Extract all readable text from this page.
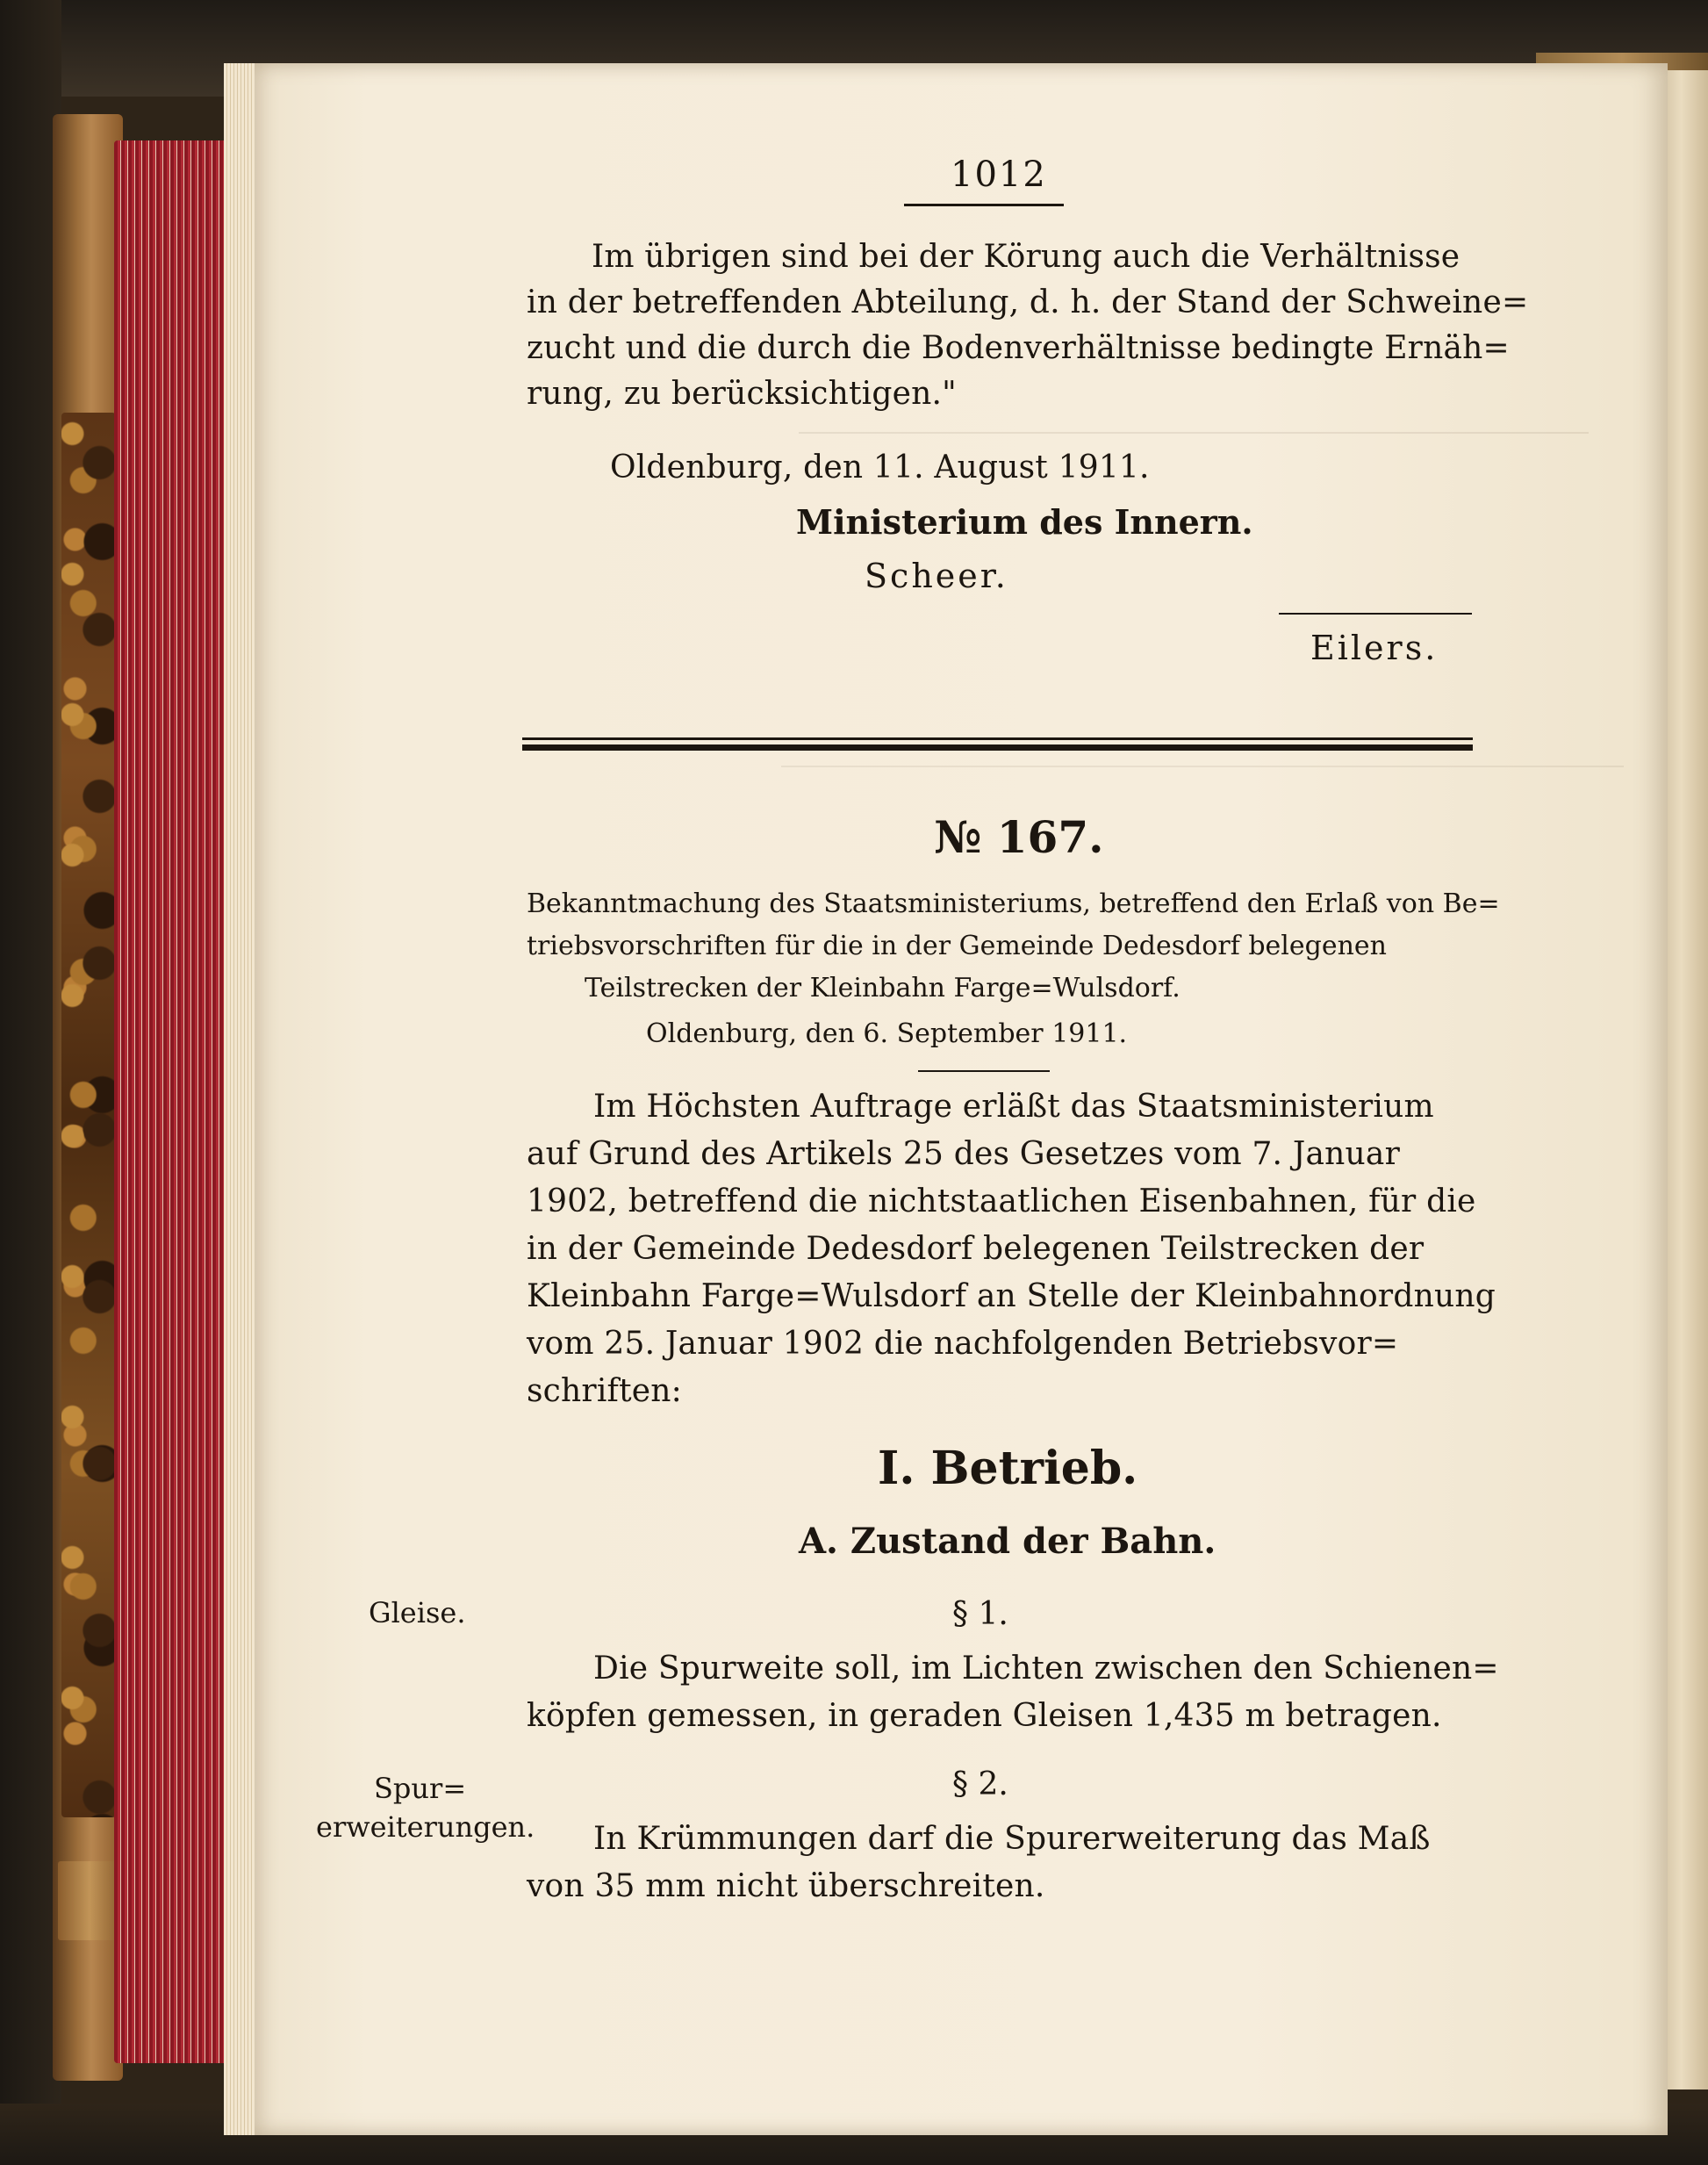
1012
Im übrigen sind bei der Körung auch die Verhältnisse
in der betreffenden Abteilung, d. h. der Stand der Schweine=
zucht und die durch die Bodenverhältnisse bedingte Ernäh=
rung, zu berücksichtigen."
Oldenburg, den 11. August 1911.
Ministerium des Innern.
Scheer.
Eilers.
№ 167.
Bekanntmachung des Staatsministeriums, betreffend den Erlaß von Be=
triebsvorschriften für die in der Gemeinde Dedesdorf belegenen
Teilstrecken der Kleinbahn Farge=Wulsdorf.
Oldenburg, den 6. September 1911.
Im Höchsten Auftrage erläßt das Staatsministerium
auf Grund des Artikels 25 des Gesetzes vom 7. Januar
1902, betreffend die nichtstaatlichen Eisenbahnen, für die
in der Gemeinde Dedesdorf belegenen Teilstrecken der
Kleinbahn Farge=Wulsdorf an Stelle der Kleinbahnordnung
vom 25. Januar 1902 die nachfolgenden Betriebsvor=
schriften:
I. Betrieb.
A. Zustand der Bahn.
Gleise.	§ 1.
Die Spurweite soll, im Lichten zwischen den Schienen=
köpfen gemessen, in geraden Gleisen 1,435 m betragen.
Spur=
erweiterungen.
§ 2.
In Krümmungen darf die Spurerweiterung das Maß
von 35 mm nicht überschreiten.
